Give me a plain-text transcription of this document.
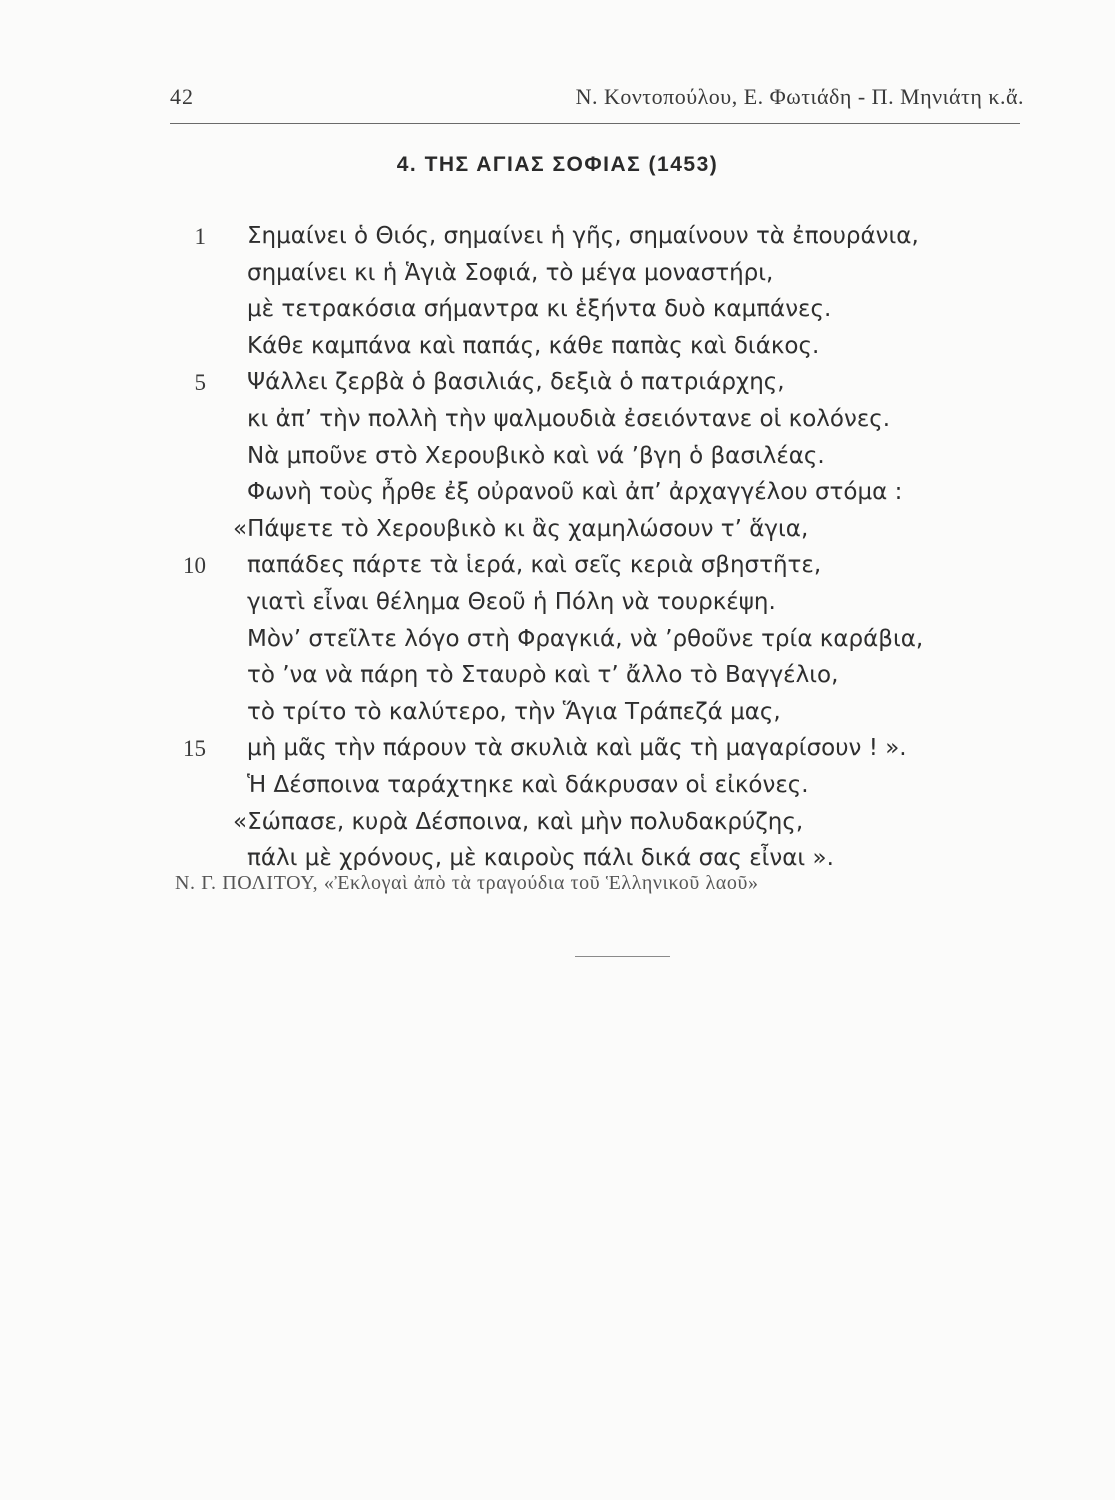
42	Ν. Κοντοπούλου, Ε. Φωτιάδη - Π. Μηνιάτη κ.ἄ.
4. ΤΗΣ ΑΓΙΑΣ ΣΟΦΙΑΣ (1453)
1 Σημαίνει ὁ Θιός, σημαίνει ἡ γῆς, σημαίνουν τὰ ἐπουράνια,
σημαίνει κι ἡ Ἁγιὰ Σοφιά, τὸ μέγα μοναστήρι,
μὲ τετρακόσια σήμαντρα κι ἑξήντα δυὸ καμπάνες.
Κάθε καμπάνα καὶ παπάς, κάθε παπὰς καὶ διάκος.
5 Ψάλλει ζερβὰ ὁ βασιλιάς, δεξιὰ ὁ πατριάρχης,
κι ἀπ’ τὴν πολλὴ τὴν ψαλμουδιὰ ἐσειόντανε οἱ κολόνες.
Νὰ μποῦνε στὸ Χερουβικὸ καὶ νά ’βγη ὁ βασιλέας.
Φωνὴ τοὺς ἦρθε ἐξ οὐρανοῦ καὶ ἀπ’ ἀρχαγγέλου στόμα :
«Πάψετε τὸ Χερουβικὸ κι ἂς χαμηλώσουν τ’ ἅγια,
10 παπάδες πάρτε τὰ ἱερά, καὶ σεῖς κεριὰ σβηστῆτε,
γιατὶ εἶναι θέλημα Θεοῦ ἡ Πόλη νὰ τουρκέψη.
Μὸν’ στεῖλτε λόγο στὴ Φραγκιά, νὰ ’ρθοῦνε τρία καράβια,
τὸ ’να νὰ πάρη τὸ Σταυρὸ καὶ τ’ ἄλλο τὸ Βαγγέλιο,
τὸ τρίτο τὸ καλύτερο, τὴν Ἅγια Τράπεζά μας,
15 μὴ μᾶς τὴν πάρουν τὰ σκυλιὰ καὶ μᾶς τὴ μαγαρίσουν ! ».
Ἡ Δέσποινα ταράχτηκε καὶ δάκρυσαν οἱ εἰκόνες.
«Σώπασε, κυρὰ Δέσποινα, καὶ μὴν πολυδακρύζης,
πάλι μὲ χρόνους, μὲ καιροὺς πάλι δικά σας εἶναι ».
Ν. Γ. ΠΟΛΙΤΟΥ, «Ἐκλογαὶ ἀπὸ τὰ τραγούδια τοῦ Ἑλληνικοῦ λαοῦ»
